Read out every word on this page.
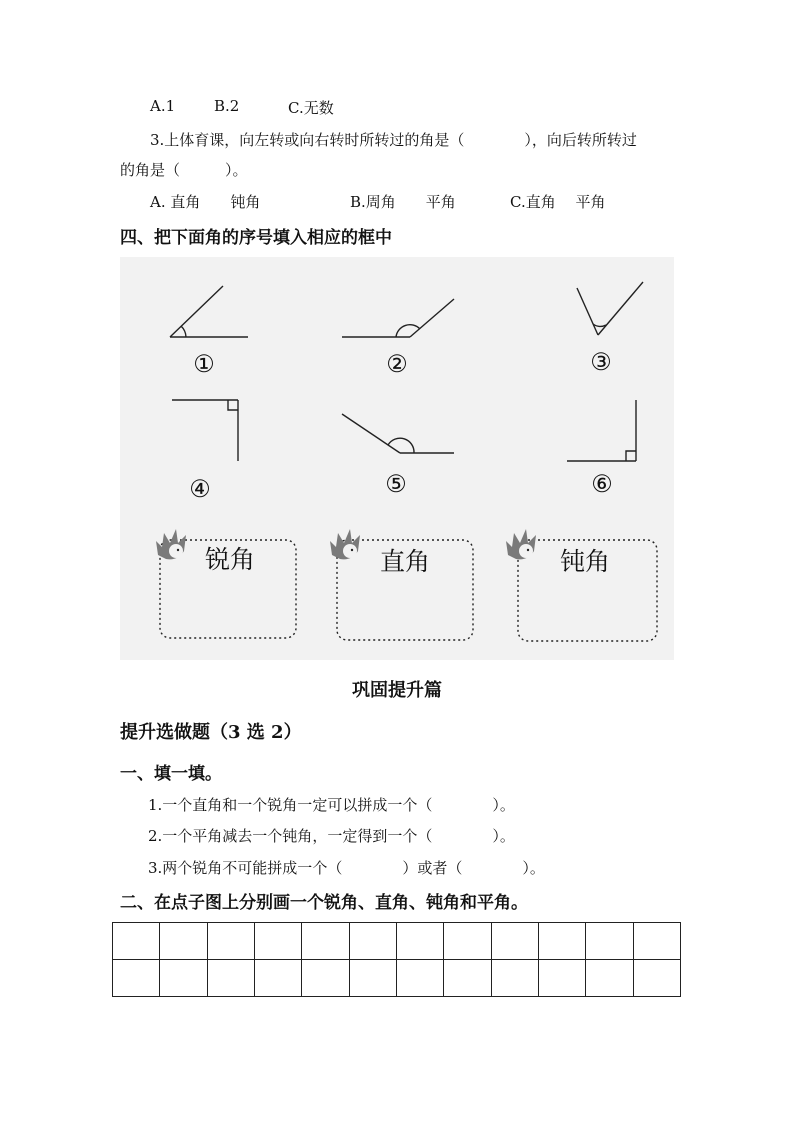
A.1	B.2	C.无数
3.上体育课，向左转或向右转时所转过的角是（　　　　），向后转所转过
的角是（　　　）。
A. 直角　　钝角	B.周角　　平角	C.直角　 平角
四、把下面角的序号填入相应的框中
①	②	③
④	⑤	⑥
锐角	直角	钝角
巩固提升篇
提升选做题（3 选 2）
一、填一填。
1.一个直角和一个锐角一定可以拼成一个（　　　　）。
2.一个平角减去一个钝角，一定得到一个（　　　　）。
3.两个锐角不可能拼成一个（　　　　）或者（　　　　）。
二、在点子图上分别画一个锐角、直角、钝角和平角。
